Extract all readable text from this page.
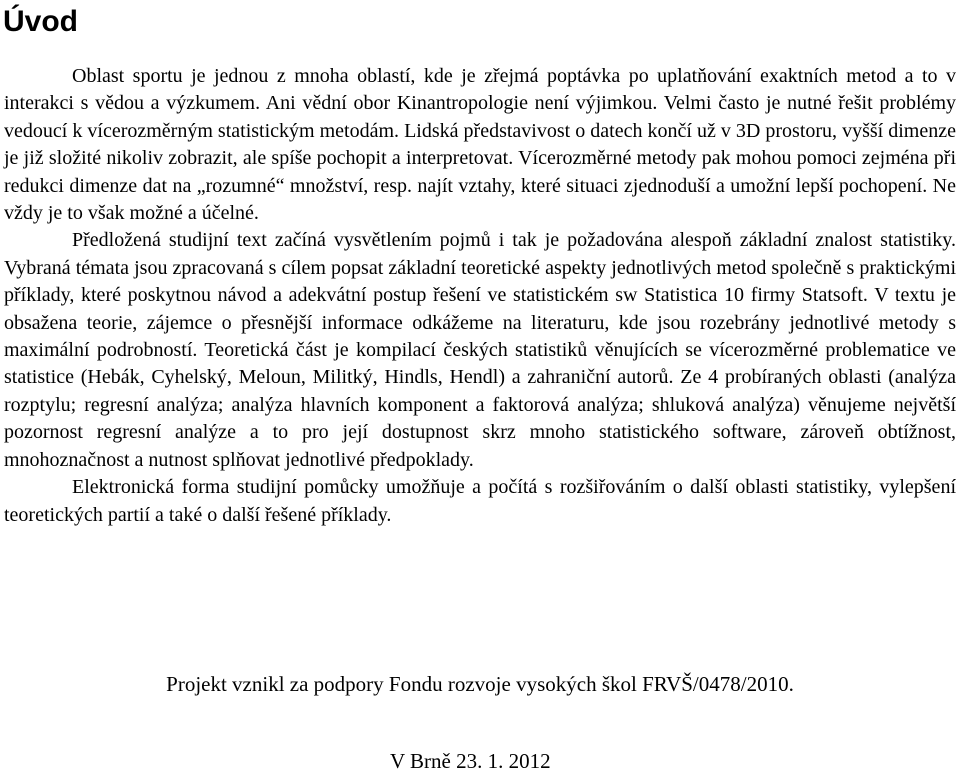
Úvod

Oblast sportu je jednou z mnoha oblastí, kde je zřejmá poptávka po uplatňování exaktních metod a to v interakci s vědou a výzkumem. Ani vědní obor Kinantropologie není výjimkou. Velmi často je nutné řešit problémy vedoucí k vícerozměrným statistickým metodám. Lidská představivost o datech končí už v 3D prostoru, vyšší dimenze je již složité nikoliv zobrazit, ale spíše pochopit a interpretovat. Vícerozměrné metody pak mohou pomoci zejména při redukci dimenze dat na „rozumné“ množství, resp. najít vztahy, které situaci zjednoduší a umožní lepší pochopení. Ne vždy je to však možné a účelné.

Předložená studijní text začíná vysvětlením pojmů i tak je požadována alespoň základní znalost statistiky. Vybraná témata jsou zpracovaná s cílem popsat základní teoretické aspekty jednotlivých metod společně s praktickými příklady, které poskytnou návod a adekvátní postup řešení ve statistickém sw Statistica 10 firmy Statsoft. V textu je obsažena teorie, zájemce o přesnější informace odkážeme na literaturu, kde jsou rozebrány jednotlivé metody s maximální podrobností. Teoretická část je kompilací českých statistiků věnujících se vícerozměrné problematice ve statistice (Hebák, Cyhelský, Meloun, Militký, Hindls, Hendl) a zahraniční autorů. Ze 4 probíraných oblasti (analýza rozptylu; regresní analýza; analýza hlavních komponent a faktorová analýza; shluková analýza) věnujeme největší pozornost regresní analýze a to pro její dostupnost skrz mnoho statistického software, zároveň obtížnost, mnohoznačnost a nutnost splňovat jednotlivé předpoklady.

Elektronická forma studijní pomůcky umožňuje a počítá s rozšiřováním o další oblasti statistiky, vylepšení teoretických partií a také o další řešené příklady.

Projekt vznikl za podpory Fondu rozvoje vysokých škol FRVŠ/0478/2010.
V Brně 23. 1. 2012
